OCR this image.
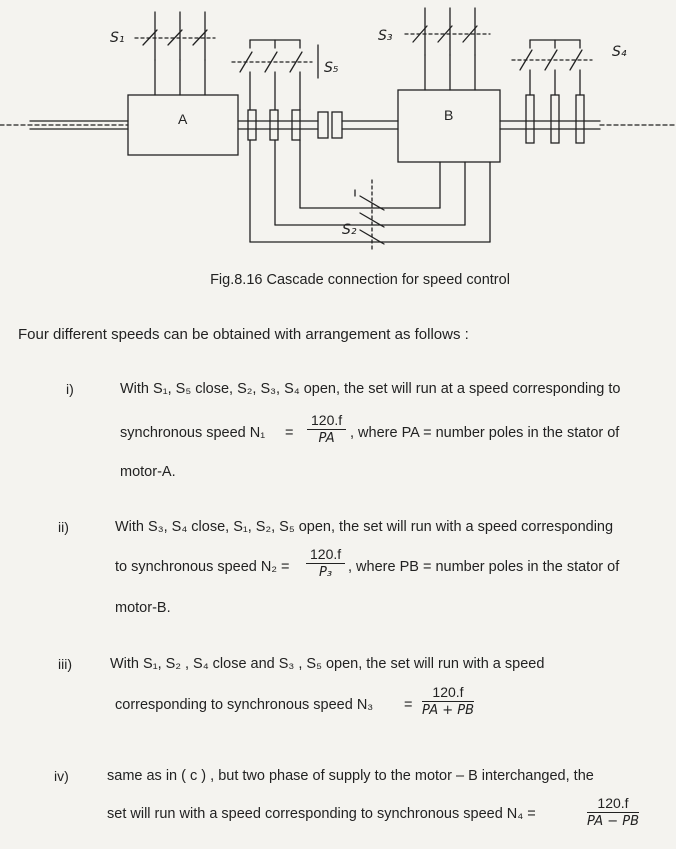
S₁
S₅
S₃
S₄
S₂
A	B
Fig.8.16 Cascade connection for speed control
Four different speeds can be obtained with arrangement as follows :
i)	With S₁, S₅ close, S₂, S₃, S₄ open, the set will run at a speed corresponding to
synchronous speed N₁ =
120.f
PA , where PA = number poles in the stator of
motor-A.
ii)	With S₃, S₄ close, S₁, S₂, S₅ open, the set will run with a speed corresponding
to synchronous speed N₂ =
120.f
P₃ , where PB = number poles in the stator of
motor-B.
iii)	With S₁, S₂ , S₄ close and S₃ , S₅ open, the set will run with a speed
corresponding to synchronous speed N₃ =
120.f
PA + PB
iv)	same as in ( c ) , but two phase of supply to the motor – B interchanged, the
set will run with a speed corresponding to synchronous speed N₄ =
120.f
PA − PB
